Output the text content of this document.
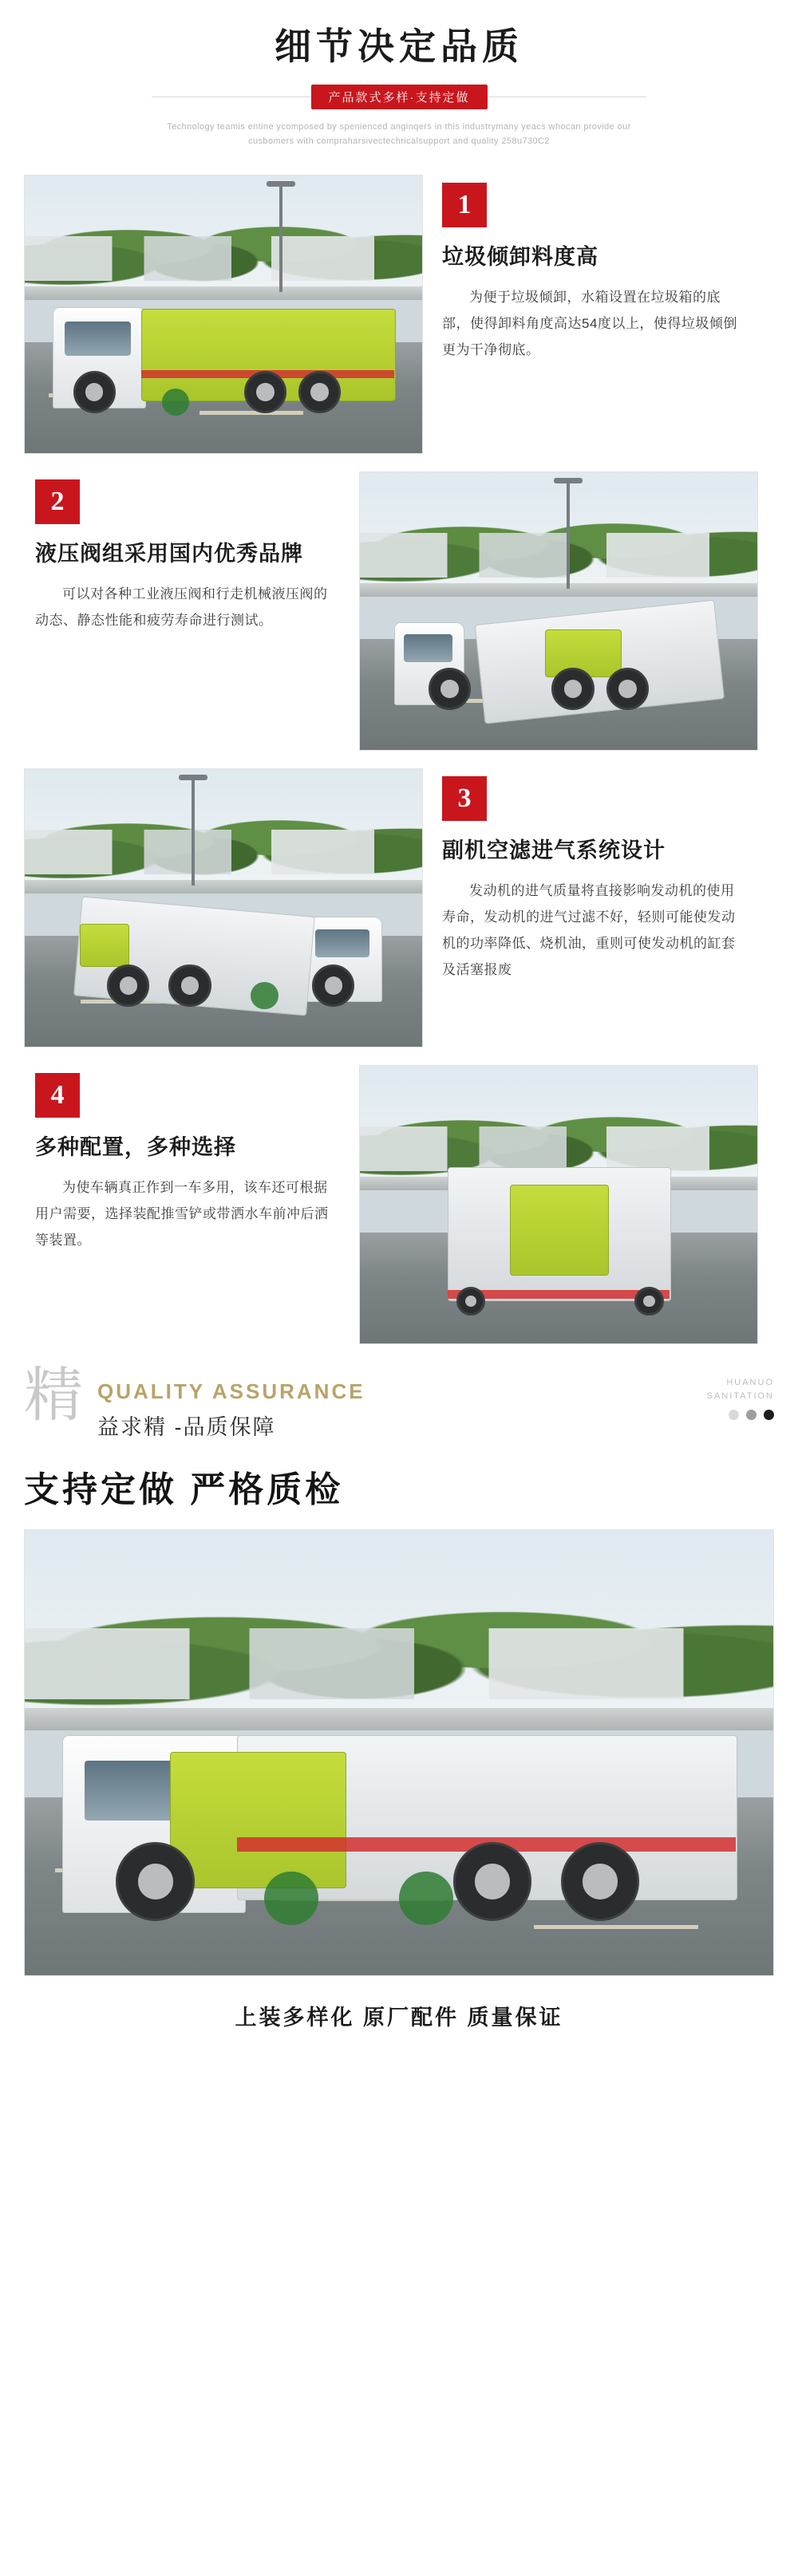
细节决定品质
产品款式多样·支持定做
Technology teamis entine ycomposed by spenienced anginqers in this industrymany yeacs whocan provide our cusbomers with compraharsivectechricalsupport and quality 258u730C2
1
垃圾倾卸料度高
为便于垃圾倾卸，水箱设置在垃圾箱的底部，使得卸料角度高达54度以上，使得垃圾倾倒更为干净彻底。
2
液压阀组采用国内优秀品牌
可以对各种工业液压阀和行走机械液压阀的动态、静态性能和疲劳寿命进行测试。
3
副机空滤进气系统设计
发动机的进气质量将直接影响发动机的使用寿命，发动机的进气过滤不好，轻则可能使发动机的功率降低、烧机油，重则可使发动机的缸套及活塞报废
4
多种配置，多种选择
为使车辆真正作到一车多用，该车还可根据用户需要，选择装配推雪铲或带洒水车前冲后洒等装置。
精 QUALITY ASSURANCE
益求精 -品质保障
HUANUO
SANITATION
支持定做 严格质检
上装多样化 原厂配件 质量保证
